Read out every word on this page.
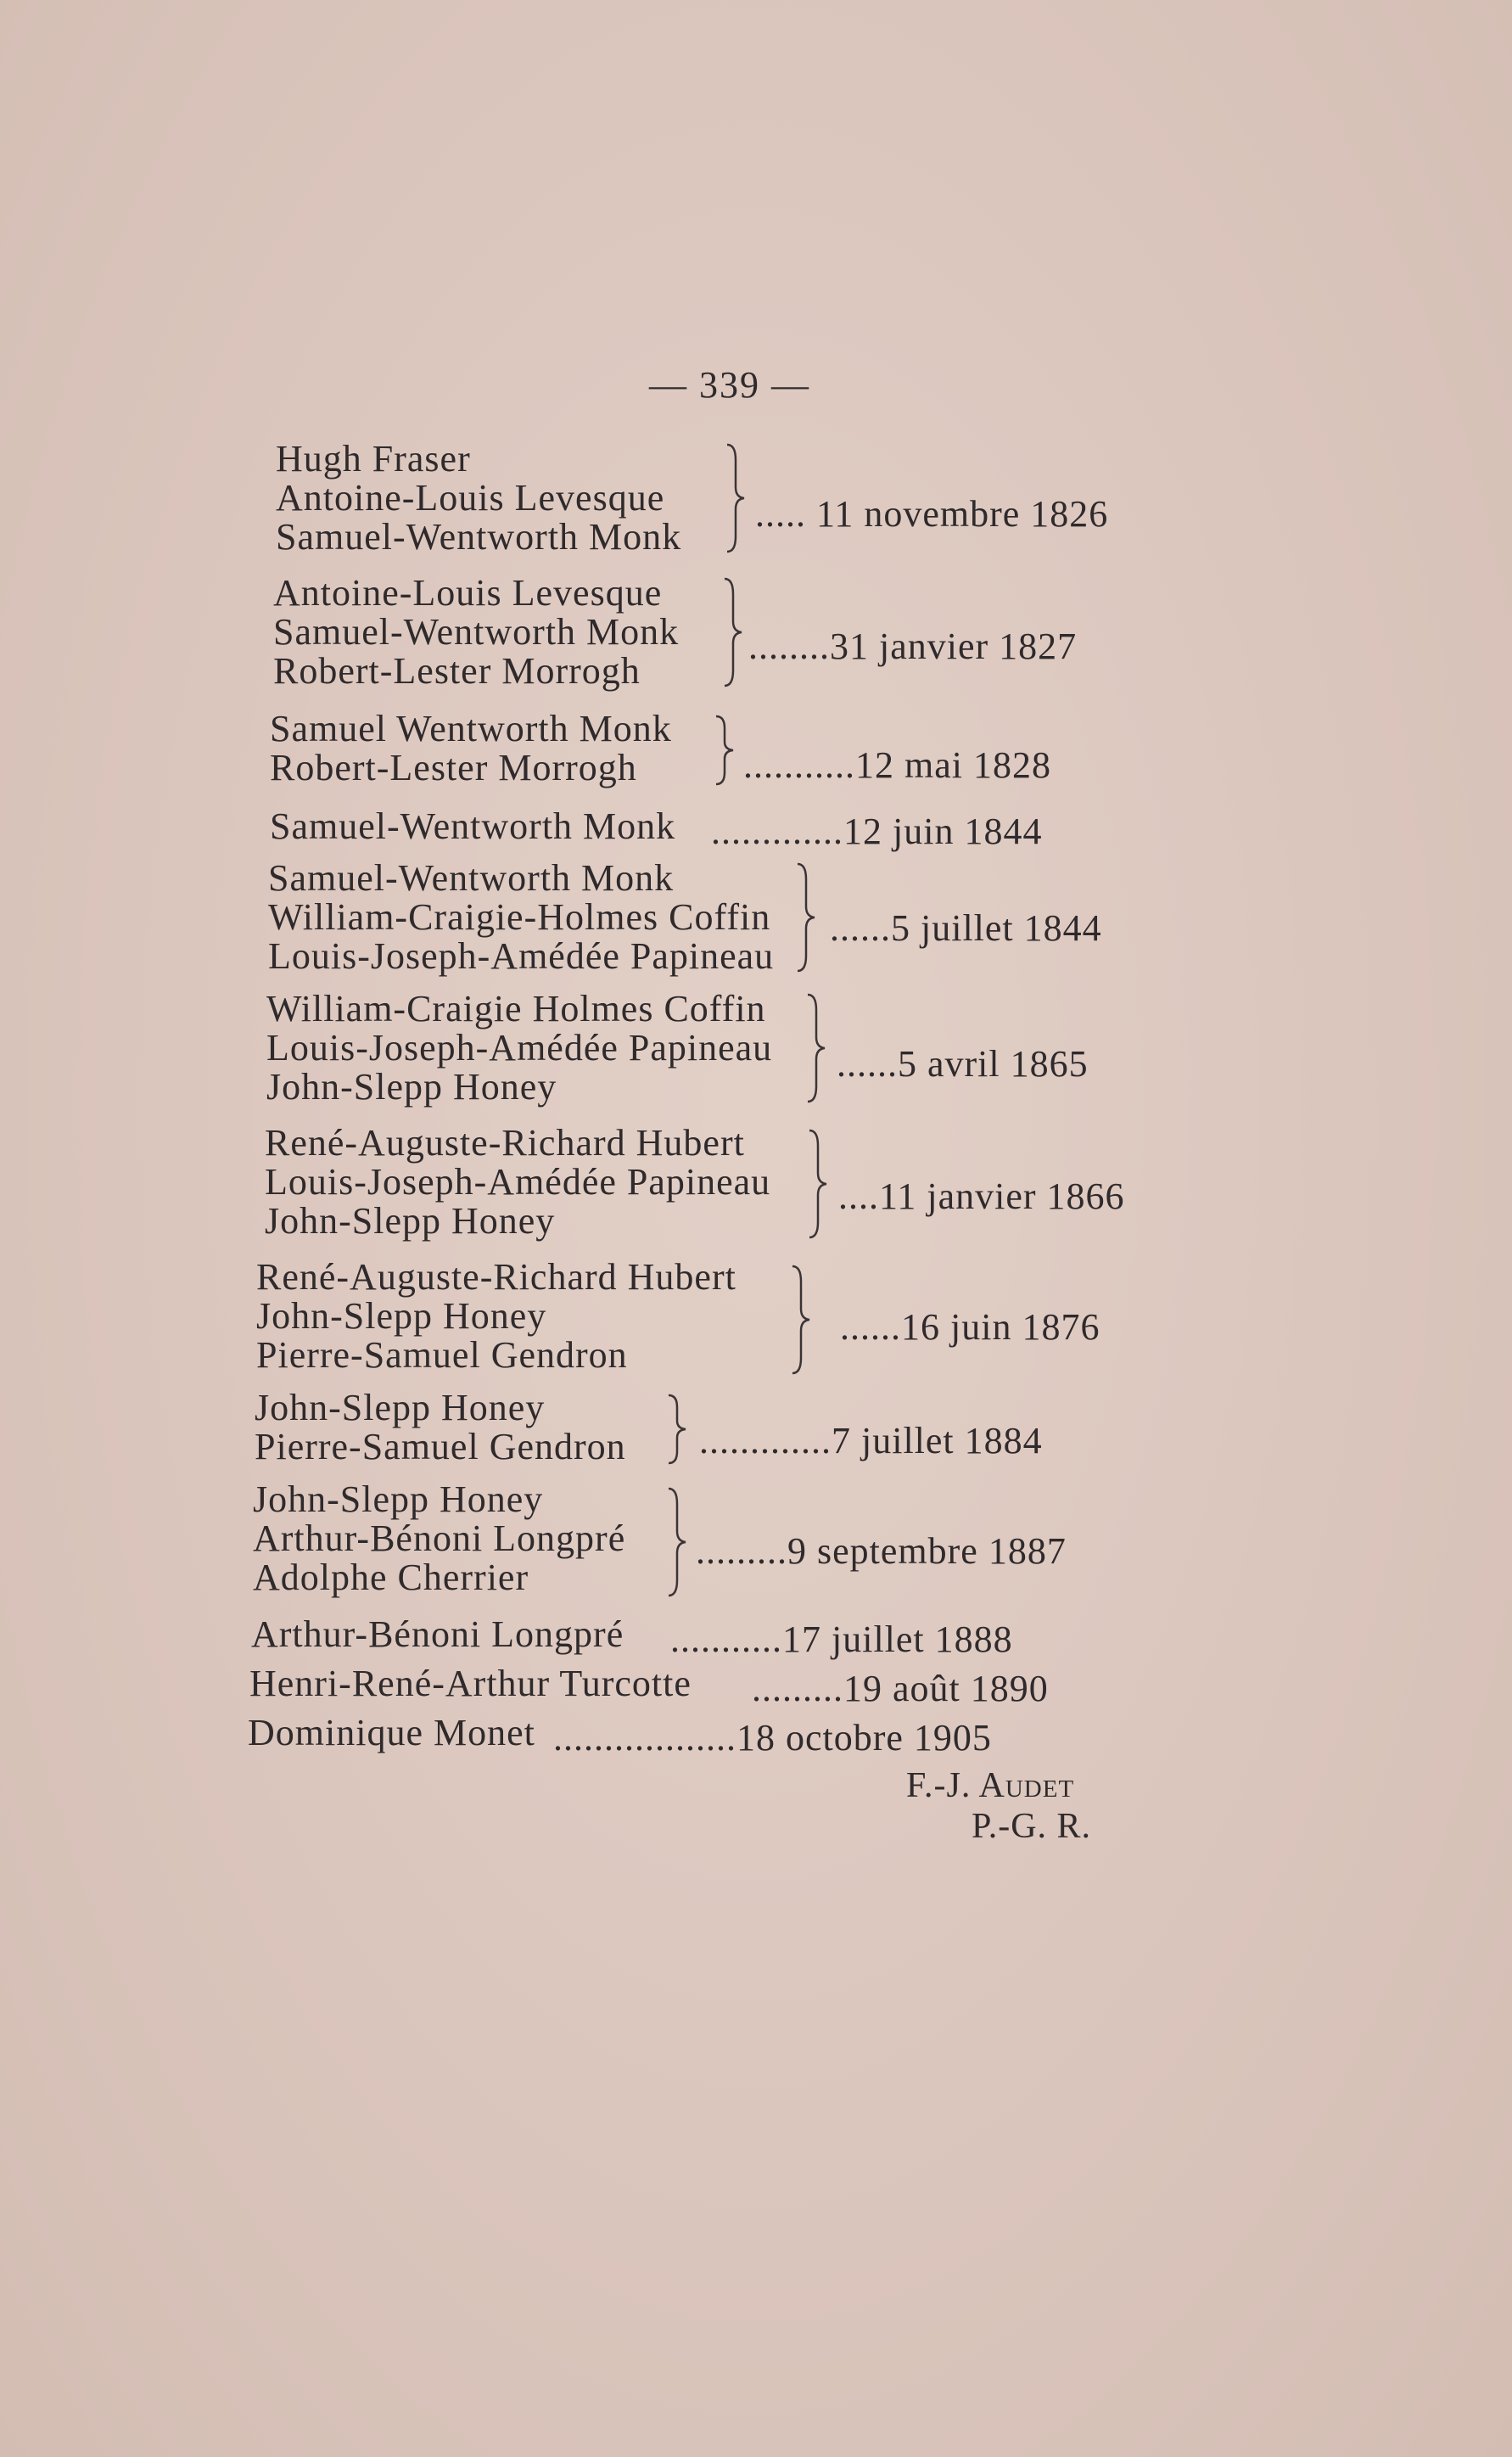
— 339 —
Hugh Fraser
Antoine-Louis Levesque
Samuel-Wentworth Monk
..... 11 novembre 1826
Antoine-Louis Levesque
Samuel-Wentworth Monk
Robert-Lester Morrogh
........31 janvier 1827
Samuel Wentworth Monk
Robert-Lester Morrogh	...........12 mai 1828
Samuel-Wentworth Monk .............12 juin 1844
Samuel-Wentworth Monk
William-Craigie-Holmes Coffin
Louis-Joseph-Amédée Papineau
......5 juillet 1844
William-Craigie Holmes Coffin
Louis-Joseph-Amédée Papineau
John-Slepp Honey
......5 avril 1865
René-Auguste-Richard Hubert
Louis-Joseph-Amédée Papineau
John-Slepp Honey
....11 janvier 1866
René-Auguste-Richard Hubert
John-Slepp Honey
Pierre-Samuel Gendron
......16 juin 1876
John-Slepp Honey
Pierre-Samuel Gendron .............7 juillet 1884
John-Slepp Honey
Arthur-Bénoni Longpré
Adolphe Cherrier
.........9 septembre 1887
Arthur-Bénoni Longpré ...........17 juillet 1888
Henri-René-Arthur Turcotte .........19 août 1890
Dominique Monet ..................18 octobre 1905
F.-J. Audet
P.-G. R.
